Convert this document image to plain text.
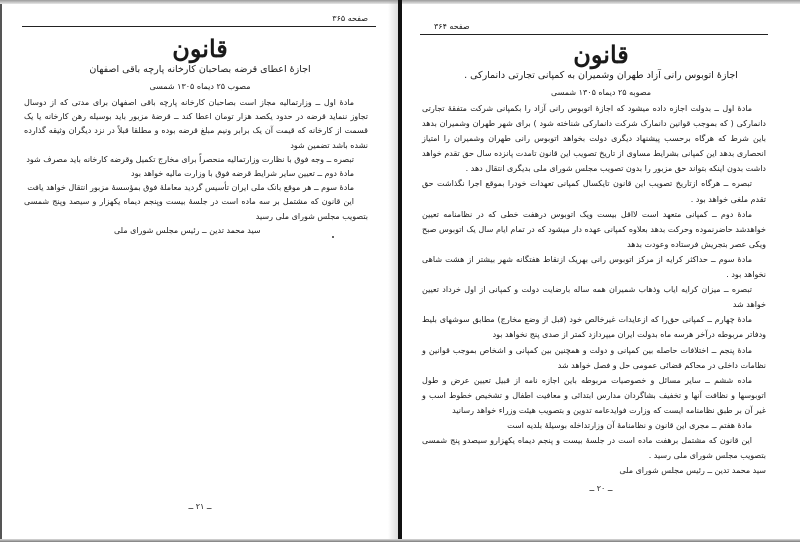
صفحه ۳۶۵
قانون
اجازهٔ اعطای قرضه بصاحبان کارخانه پارچه باقی اصفهان
مصوب ۲۵ دیماه ۱۳۰۵ شمسی

مادهٔ اول ــ وزارتمالیه مجاز است بصاحبان کارخانه پارچه باقی اصفهان برای مدتی که از دوسال تجاوز ننماید قرضه در حدود یکصد هزار تومان اعطا کند ــ قرضهٔ مزبور باید بوسیله رهن کارخانه یا یک قسمت از کارخانه که قیمت آن یک برابر ونیم مبلغ قرضه بوده و مطلقا قبلاً در نزد دیگران وثیقه گذارده نشده باشد تضمین شود

تبصره ــ وجه فوق با نظارت وزارتمالیه منحصراً برای مخارج تکمیل وقرضه کارخانه باید مصرف شود

مادهٔ دوم ــ تعیین سایر شرایط قرضه فوق با وزارت مالیه خواهد بود

مادهٔ سوم ــ هر موقع بانک ملی ایران تأسیس گردید معاملهٔ فوق بمؤسسهٔ مزبور انتقال خواهد یافت

این قانون که مشتمل بر سه ماده است در جلسهٔ بیست وپنجم دیماه یکهزار و سیصد وپنج شمسی بتصویب مجلس شورای ملی رسید

سید محمد تدین ــ رئیس مجلس شورای ملی

ــ ۲۱ ــ
صفحه ۳۶۴
قانون
اجازهٔ اتوبوس رانی آزاد طهران وشمیران به کمپانی تجارتی دانمارکی .
مصوبه ۲۵ دیماه ۱۳۰۵ شمسی

مادهٔ اول ــ بدولت اجازه داده میشود که اجازهٔ اتوبوس رانی آزاد را بکمپانی شرکت متفقهٔ تجارتی دانمارکی ( که بموجب قوانین دانمارک شرکت دانمارکی شناخته شود ) برای شهر طهران وشمیران بدهد باین شرط که هرگاه برحسب پیشنهاد دیگری دولت بخواهد اتوبوس رانی طهران وشمیران را امتیاز انحصاری بدهد این کمپانی بشرایط مساوی از تاریخ تصویب این قانون تامدت پانزده سال حق تقدم خواهد داشت بدون اینکه بتواند حق مزبور را بدون تصویب مجلس شورای ملی بدیگری انتقال دهد .

تبصره ــ هرگاه ازتاریخ تصویب این قانون تایکسال کمپانی تعهدات خودرا بموقع اجرا نگذاشت حق تقدم ملغی خواهد بود .

مادهٔ دوم ــ کمپانی متعهد است لااقل بیست ویک اتوبوس درهفت خطی که در نظامنامه تعیین خواهدشد حاضرنموده وحرکت بدهد بعلاوه کمپانی عهده دار میشود که در تمام ایام سال یک اتوبوس صبح ویکی عصر بتجریش فرستاده وعودت بدهد

مادهٔ سوم ــ حداکثر کرایه از مرکز اتوبوس رانی بهریک ازنقاط هفتگانه شهر بیشتر از هشت شاهی نخواهد بود .

تبصره ــ میزان کرایه ایاب وذهاب شمیران همه ساله بارضایت دولت و کمپانی از اول خرداد تعیین خواهد شد

مادهٔ چهارم ــ کمپانی حق‌را که ازعایدات غیرخالص خود (قبل از وضع مخارج) مطابق سوشهای بلیط ودفاتر مربوطه درآخر هرسه ماه بدولت ایران میپردازد کمتر از صدی پنج نخواهد بود

مادهٔ پنجم ــ اختلافات حاصله بین کمپانی و دولت و همچنین بین کمپانی و اشخاص بموجب قوانین و نظامات داخلی در محاکم قضائی عمومی حل و فصل خواهد شد

ماده ششم ــ سایر مسائل و خصوصیات مربوطه باین اجازه نامه از قبیل تعیین عرض و طول اتوبوسها و نظافت آنها و تخفیف بشاگردان مدارس ابتدائی و معافیت اطفال و تشخیص خطوط اسب و غیر آن بر طبق نظامنامه ایست که وزارت فوایدعامه تدوین و بتصویب هیئت وزراء خواهد رسانید

مادهٔ هفتم ــ مجری این قانون و نظامنامهٔ آن وزارتداخله بوسیلهٔ بلدیه است

این قانون که مشتمل برهفت ماده است در جلسهٔ بیست و پنجم دیماه یکهزارو سیصدو پنج شمسی بتصویب مجلس شورای ملی رسید .

سید محمد تدین ــ رئیس مجلس شورای ملی

ــ ۲۰ ــ
